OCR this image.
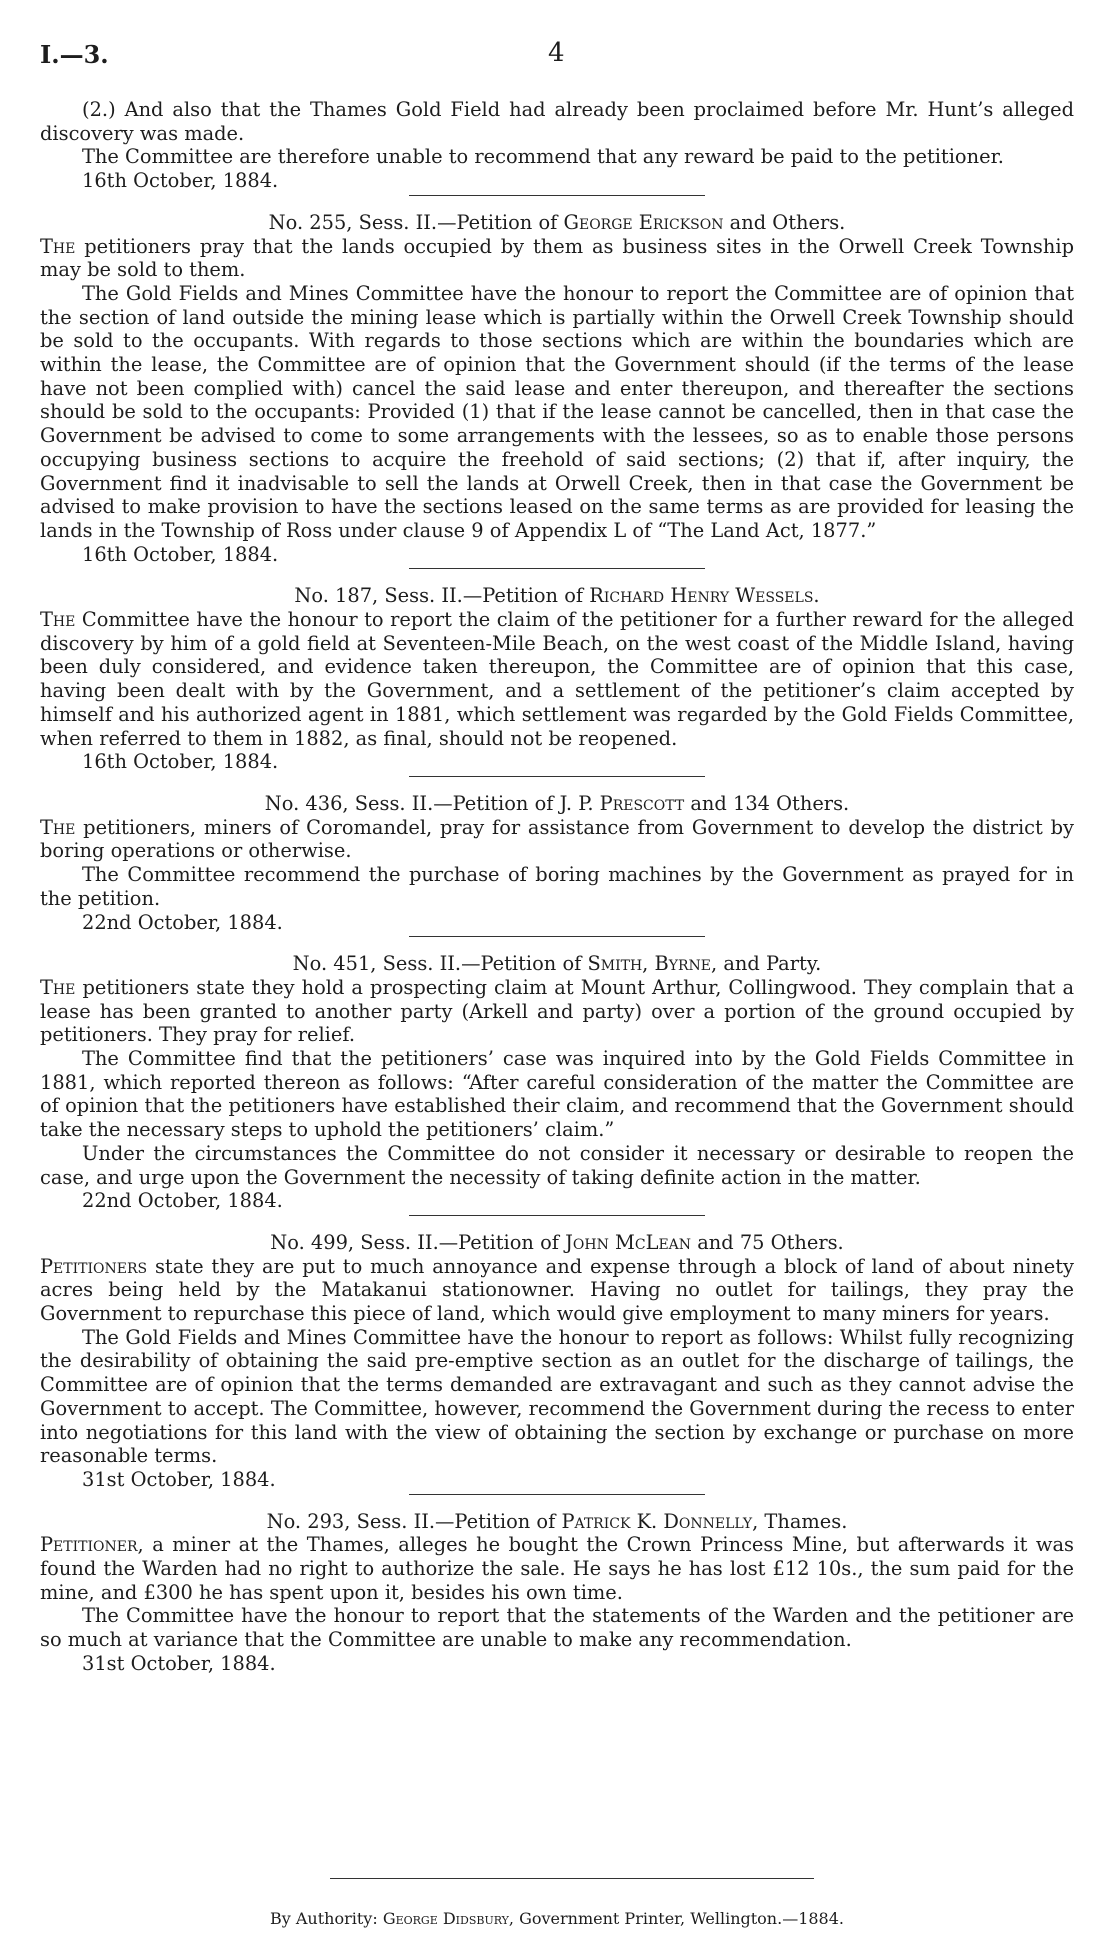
I.—3.	4

(2.) And also that the Thames Gold Field had already been proclaimed before Mr. Hunt’s alleged discovery was made.

The Committee are therefore unable to recommend that any reward be paid to the petitioner.

16th October, 1884.

No. 255, Sess. II.—Petition of George Erickson and Others.

The petitioners pray that the lands occupied by them as business sites in the Orwell Creek Township may be sold to them.

The Gold Fields and Mines Committee have the honour to report the Committee are of opinion that the section of land outside the mining lease which is partially within the Orwell Creek Township should be sold to the occupants. With regards to those sections which are within the boundaries which are within the lease, the Committee are of opinion that the Government should (if the terms of the lease have not been complied with) cancel the said lease and enter thereupon, and thereafter the sections should be sold to the occupants: Provided (1) that if the lease cannot be cancelled, then in that case the Government be advised to come to some arrangements with the lessees, so as to enable those persons occupying business sections to acquire the freehold of said sections; (2) that if, after inquiry, the Government find it inadvisable to sell the lands at Orwell Creek, then in that case the Government be advised to make provision to have the sections leased on the same terms as are provided for leasing the lands in the Township of Ross under clause 9 of Appendix L of “The Land Act, 1877.”

16th October, 1884.

No. 187, Sess. II.—Petition of Richard Henry Wessels.

The Committee have the honour to report the claim of the petitioner for a further reward for the alleged discovery by him of a gold field at Seventeen-Mile Beach, on the west coast of the Middle Island, having been duly considered, and evidence taken thereupon, the Committee are of opinion that this case, having been dealt with by the Government, and a settlement of the petitioner’s claim accepted by himself and his authorized agent in 1881, which settlement was regarded by the Gold Fields Committee, when referred to them in 1882, as final, should not be reopened.

16th October, 1884.

No. 436, Sess. II.—Petition of J. P. Prescott and 134 Others.

The petitioners, miners of Coromandel, pray for assistance from Government to develop the district by boring operations or otherwise.

The Committee recommend the purchase of boring machines by the Government as prayed for in the petition.

22nd October, 1884.

No. 451, Sess. II.—Petition of Smith, Byrne, and Party.

The petitioners state they hold a prospecting claim at Mount Arthur, Collingwood. They complain that a lease has been granted to another party (Arkell and party) over a portion of the ground occupied by petitioners. They pray for relief.

The Committee find that the petitioners’ case was inquired into by the Gold Fields Committee in 1881, which reported thereon as follows: “After careful consideration of the matter the Committee are of opinion that the petitioners have established their claim, and recommend that the Government should take the necessary steps to uphold the petitioners’ claim.”

Under the circumstances the Committee do not consider it necessary or desirable to reopen the case, and urge upon the Government the necessity of taking definite action in the matter.

22nd October, 1884.

No. 499, Sess. II.—Petition of John McLean and 75 Others.

Petitioners state they are put to much annoyance and expense through a block of land of about ninety acres being held by the Matakanui stationowner. Having no outlet for tailings, they pray the Government to repurchase this piece of land, which would give employment to many miners for years.

The Gold Fields and Mines Committee have the honour to report as follows: Whilst fully recognizing the desirability of obtaining the said pre-emptive section as an outlet for the discharge of tailings, the Committee are of opinion that the terms demanded are extravagant and such as they cannot advise the Government to accept. The Committee, however, recommend the Government during the recess to enter into negotiations for this land with the view of obtaining the section by exchange or purchase on more reasonable terms.

31st October, 1884.

No. 293, Sess. II.—Petition of Patrick K. Donnelly, Thames.

Petitioner, a miner at the Thames, alleges he bought the Crown Princess Mine, but afterwards it was found the Warden had no right to authorize the sale. He says he has lost £12 10s., the sum paid for the mine, and £300 he has spent upon it, besides his own time.

The Committee have the honour to report that the statements of the Warden and the petitioner are so much at variance that the Committee are unable to make any recommendation.

31st October, 1884.

By Authority: George Didsbury, Government Printer, Wellington.—1884.
